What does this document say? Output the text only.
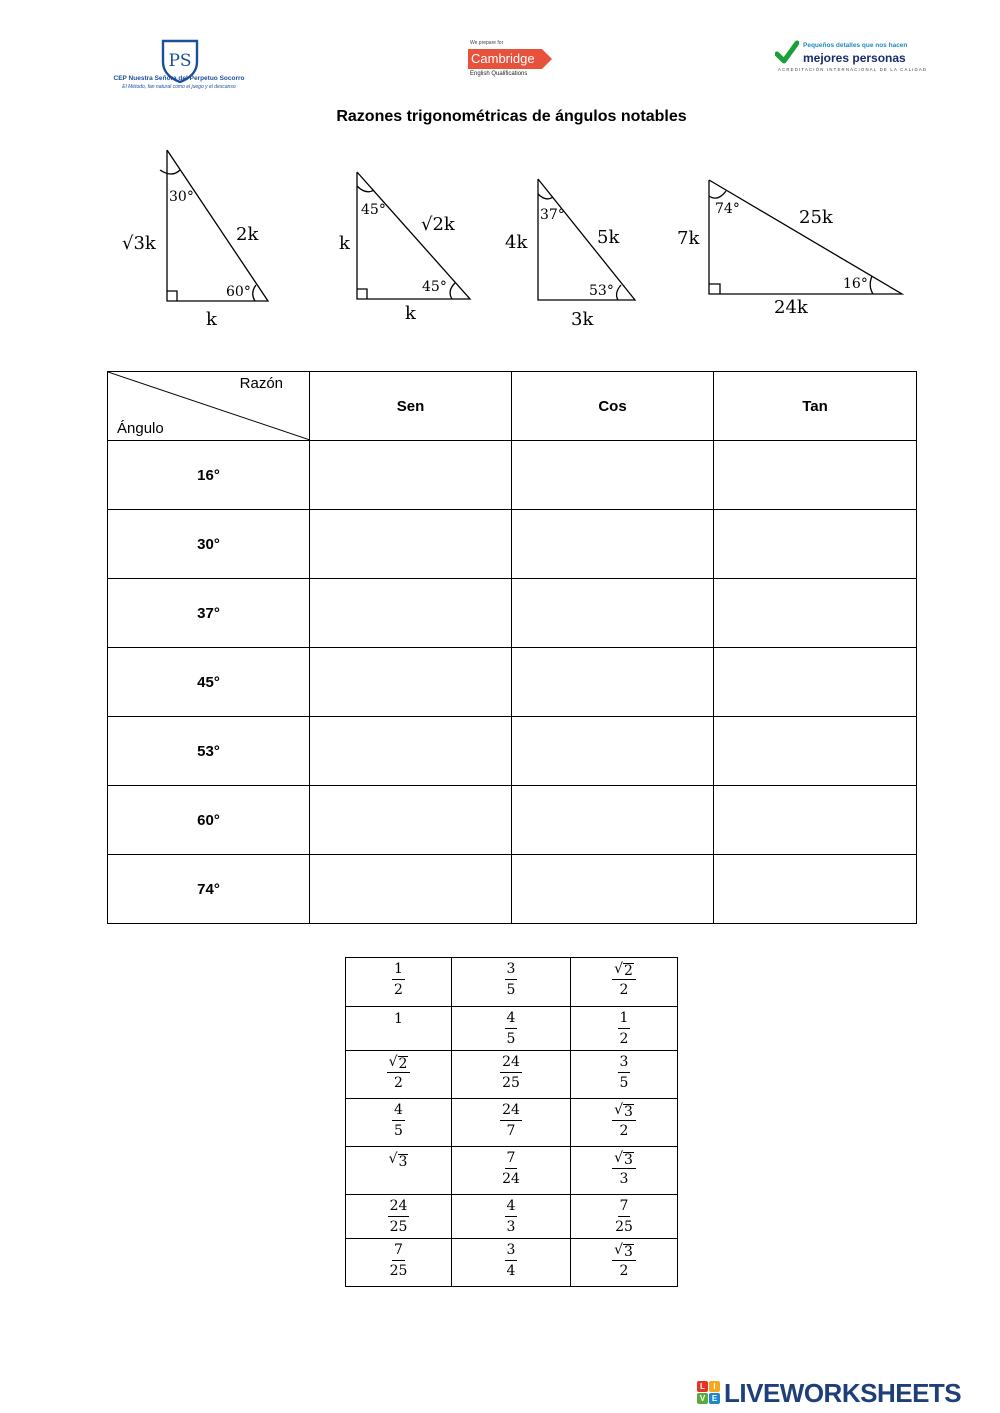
PS
CEP Nuestra Señora del Perpetuo Socorro
El Método, fan natural como el juego y el descanso
We prepare for
Cambridge
English Qualifications
Pequeños detalles que nos hacen
mejores personas
ACREDITACIÓN INTERNACIONAL DE LA CALIDAD
Razones trigonométricas de ángulos notables
√3k	2k
k
30°
60°
k
√2k
k
45°
45°
4k	5k
3k
37°
53°
7k
25k
24k
74°
16°
Razón
Ángulo	Sen	Cos	Tan
16°			
30°			
37°			
45°			
53°			
60°			
74°			
$\frac{1}{2}$	$\frac{3}{5}$	$\frac{√ 2}{2}$

1	$\frac{4}{5}$	$\frac{1}{2}$

$\frac{√ 2}{2}$	$\frac{24}{25}$	$\frac{3}{5}$

$\frac{4}{5}$	$\frac{24}{7}$	$\frac{√ 3}{2}$

√ 3	$\frac{7}{24}$	$\frac{√ 3}{3}$

$\frac{24}{25}$	$\frac{4}{3}$	$\frac{7}{25}$

$\frac{7}{25}$	$\frac{3}{4}$	$\frac{√ 3}{2}$
L	I
V E LIVEWORKSHEETS
